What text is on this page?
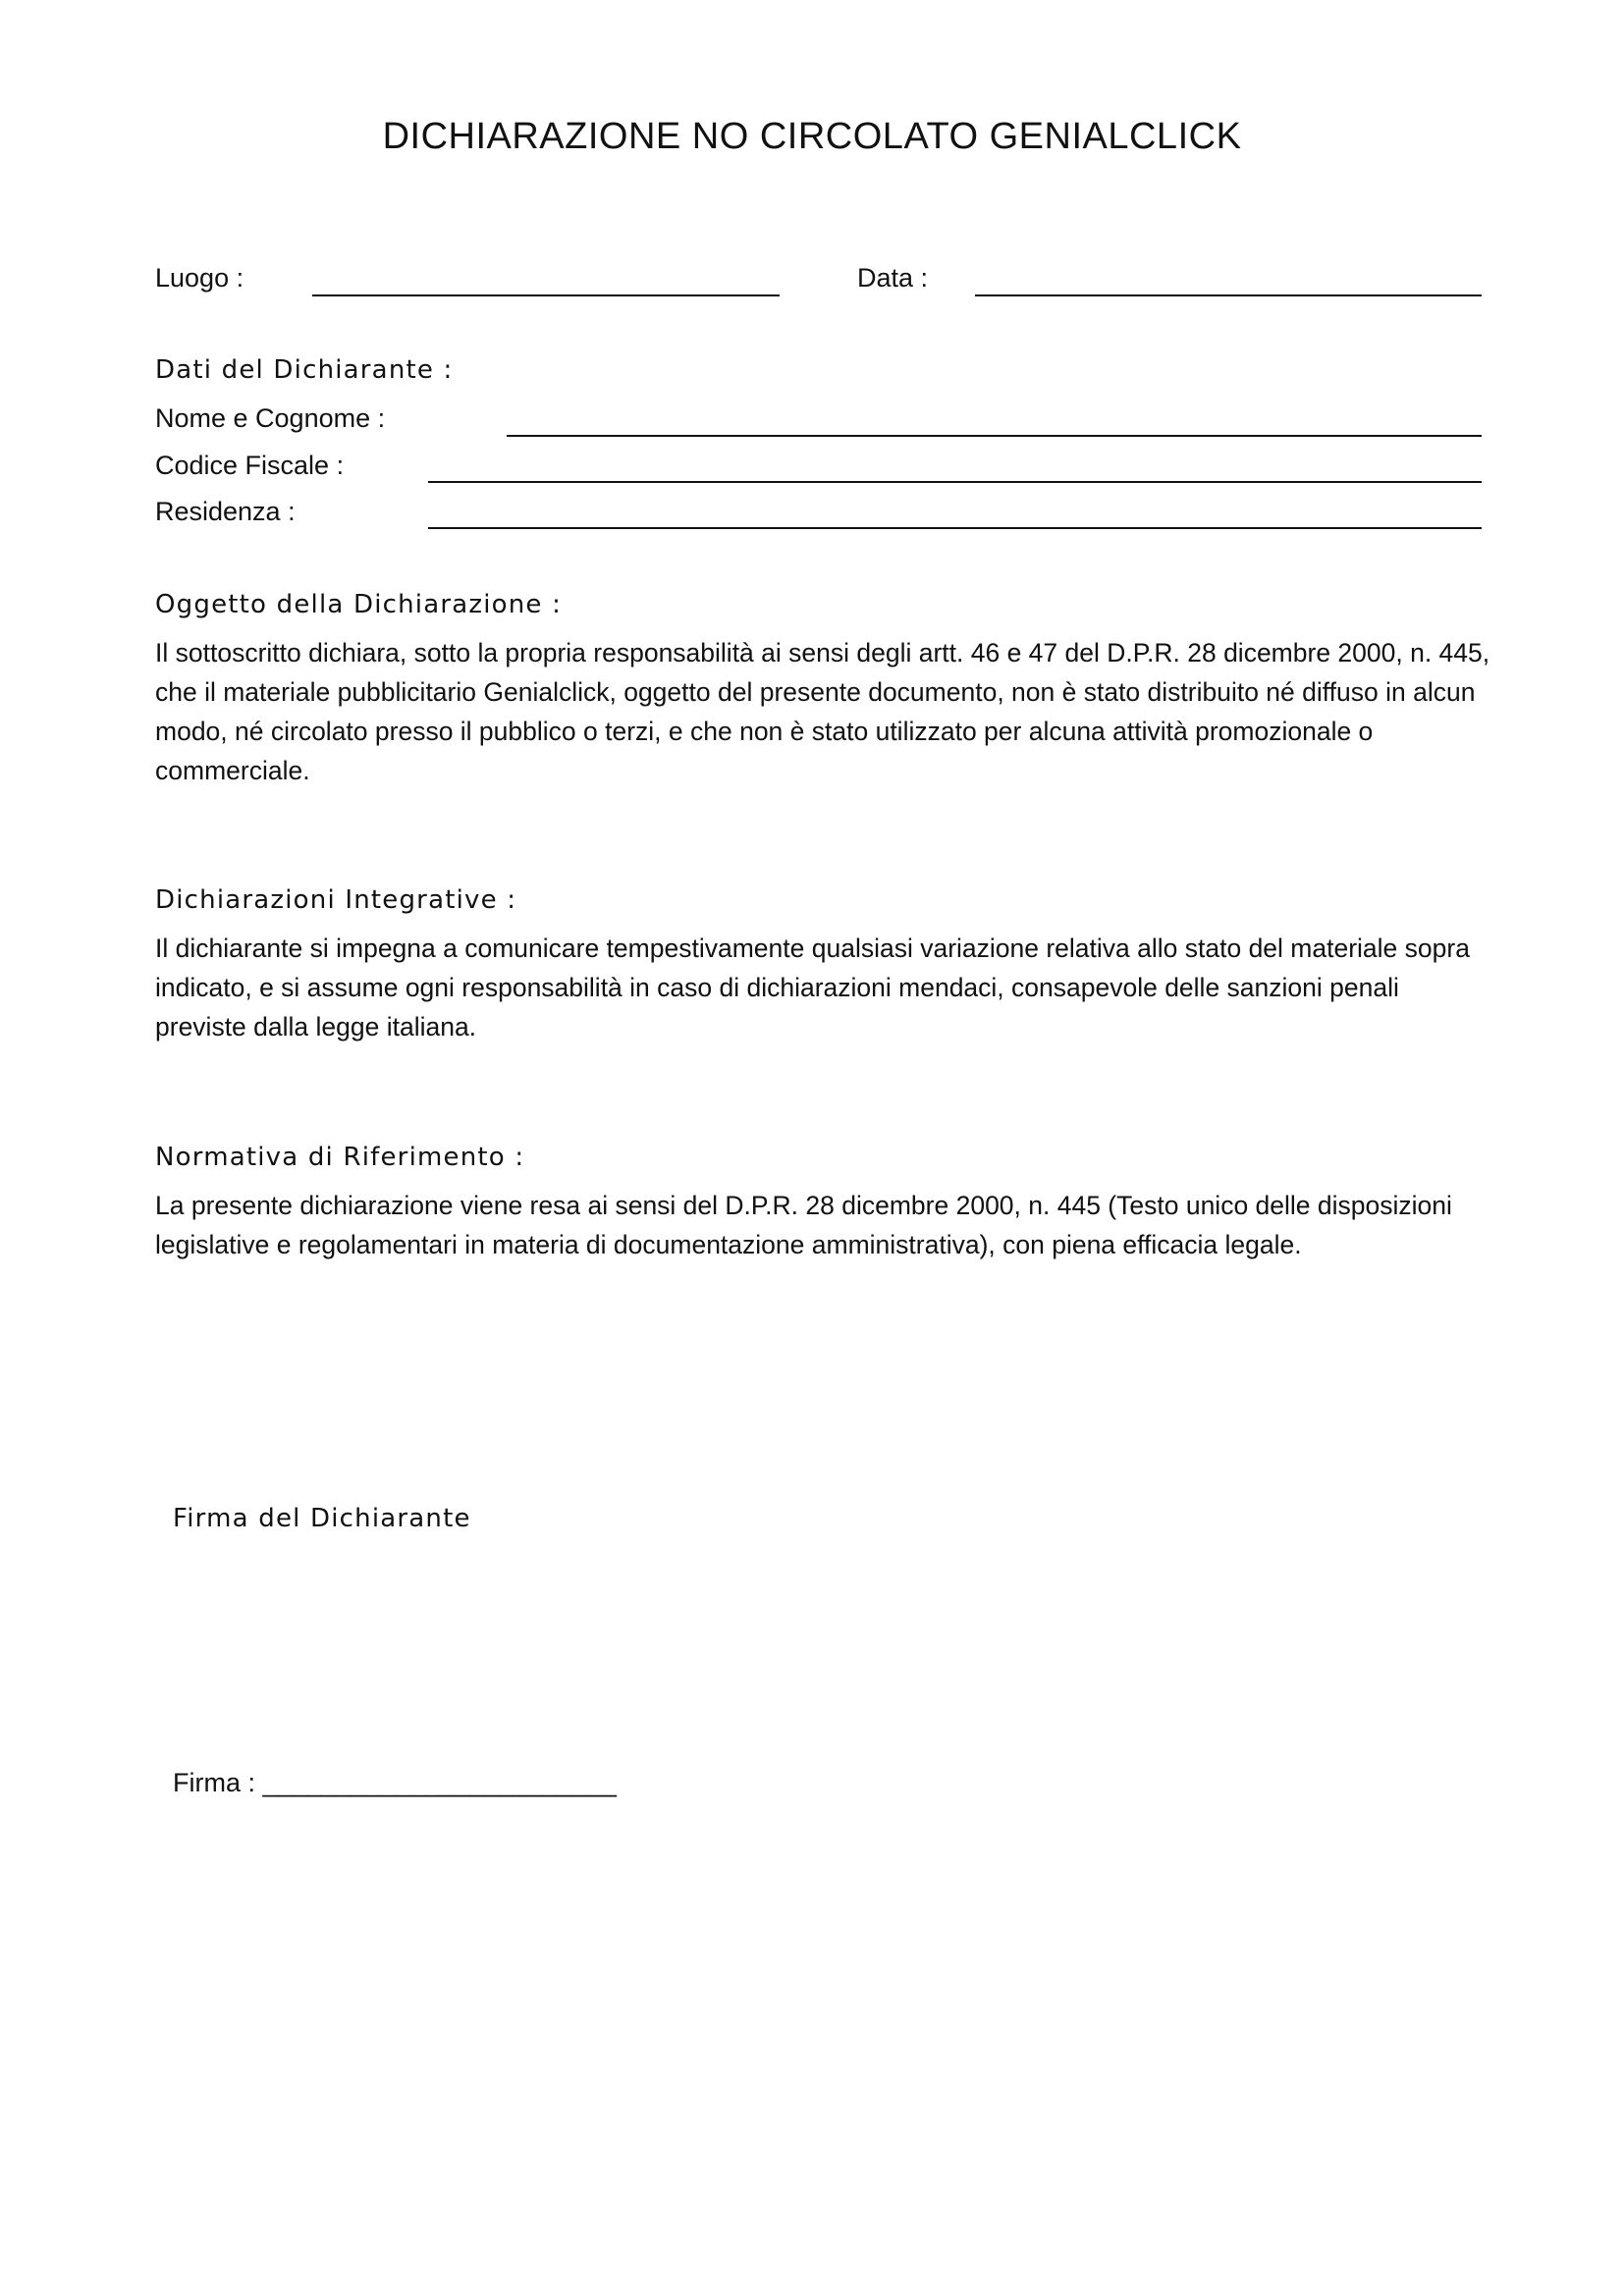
DICHIARAZIONE NO CIRCOLATO GENIALCLICK
Luogo :	Data :
Dati del Dichiarante :
Nome e Cognome :
Codice Fiscale :
Residenza :
Oggetto della Dichiarazione :
Il sottoscritto dichiara, sotto la propria responsabilità ai sensi degli artt. 46 e 47 del D.P.R. 28 dicembre 2000, n. 445, che il materiale pubblicitario Genialclick, oggetto del presente documento, non è stato distribuito né diffuso in alcun modo, né circolato presso il pubblico o terzi, e che non è stato utilizzato per alcuna attività promozionale o commerciale.
Dichiarazioni Integrative :
Il dichiarante si impegna a comunicare tempestivamente qualsiasi variazione relativa allo stato del materiale sopra indicato, e si assume ogni responsabilità in caso di dichiarazioni mendaci, consapevole delle sanzioni penali previste dalla legge italiana.
Normativa di Riferimento :
La presente dichiarazione viene resa ai sensi del D.P.R. 28 dicembre 2000, n. 445 (Testo unico delle disposizioni legislative e regolamentari in materia di documentazione amministrativa), con piena efficacia legale.
Firma del Dichiarante
Firma : ________________________
